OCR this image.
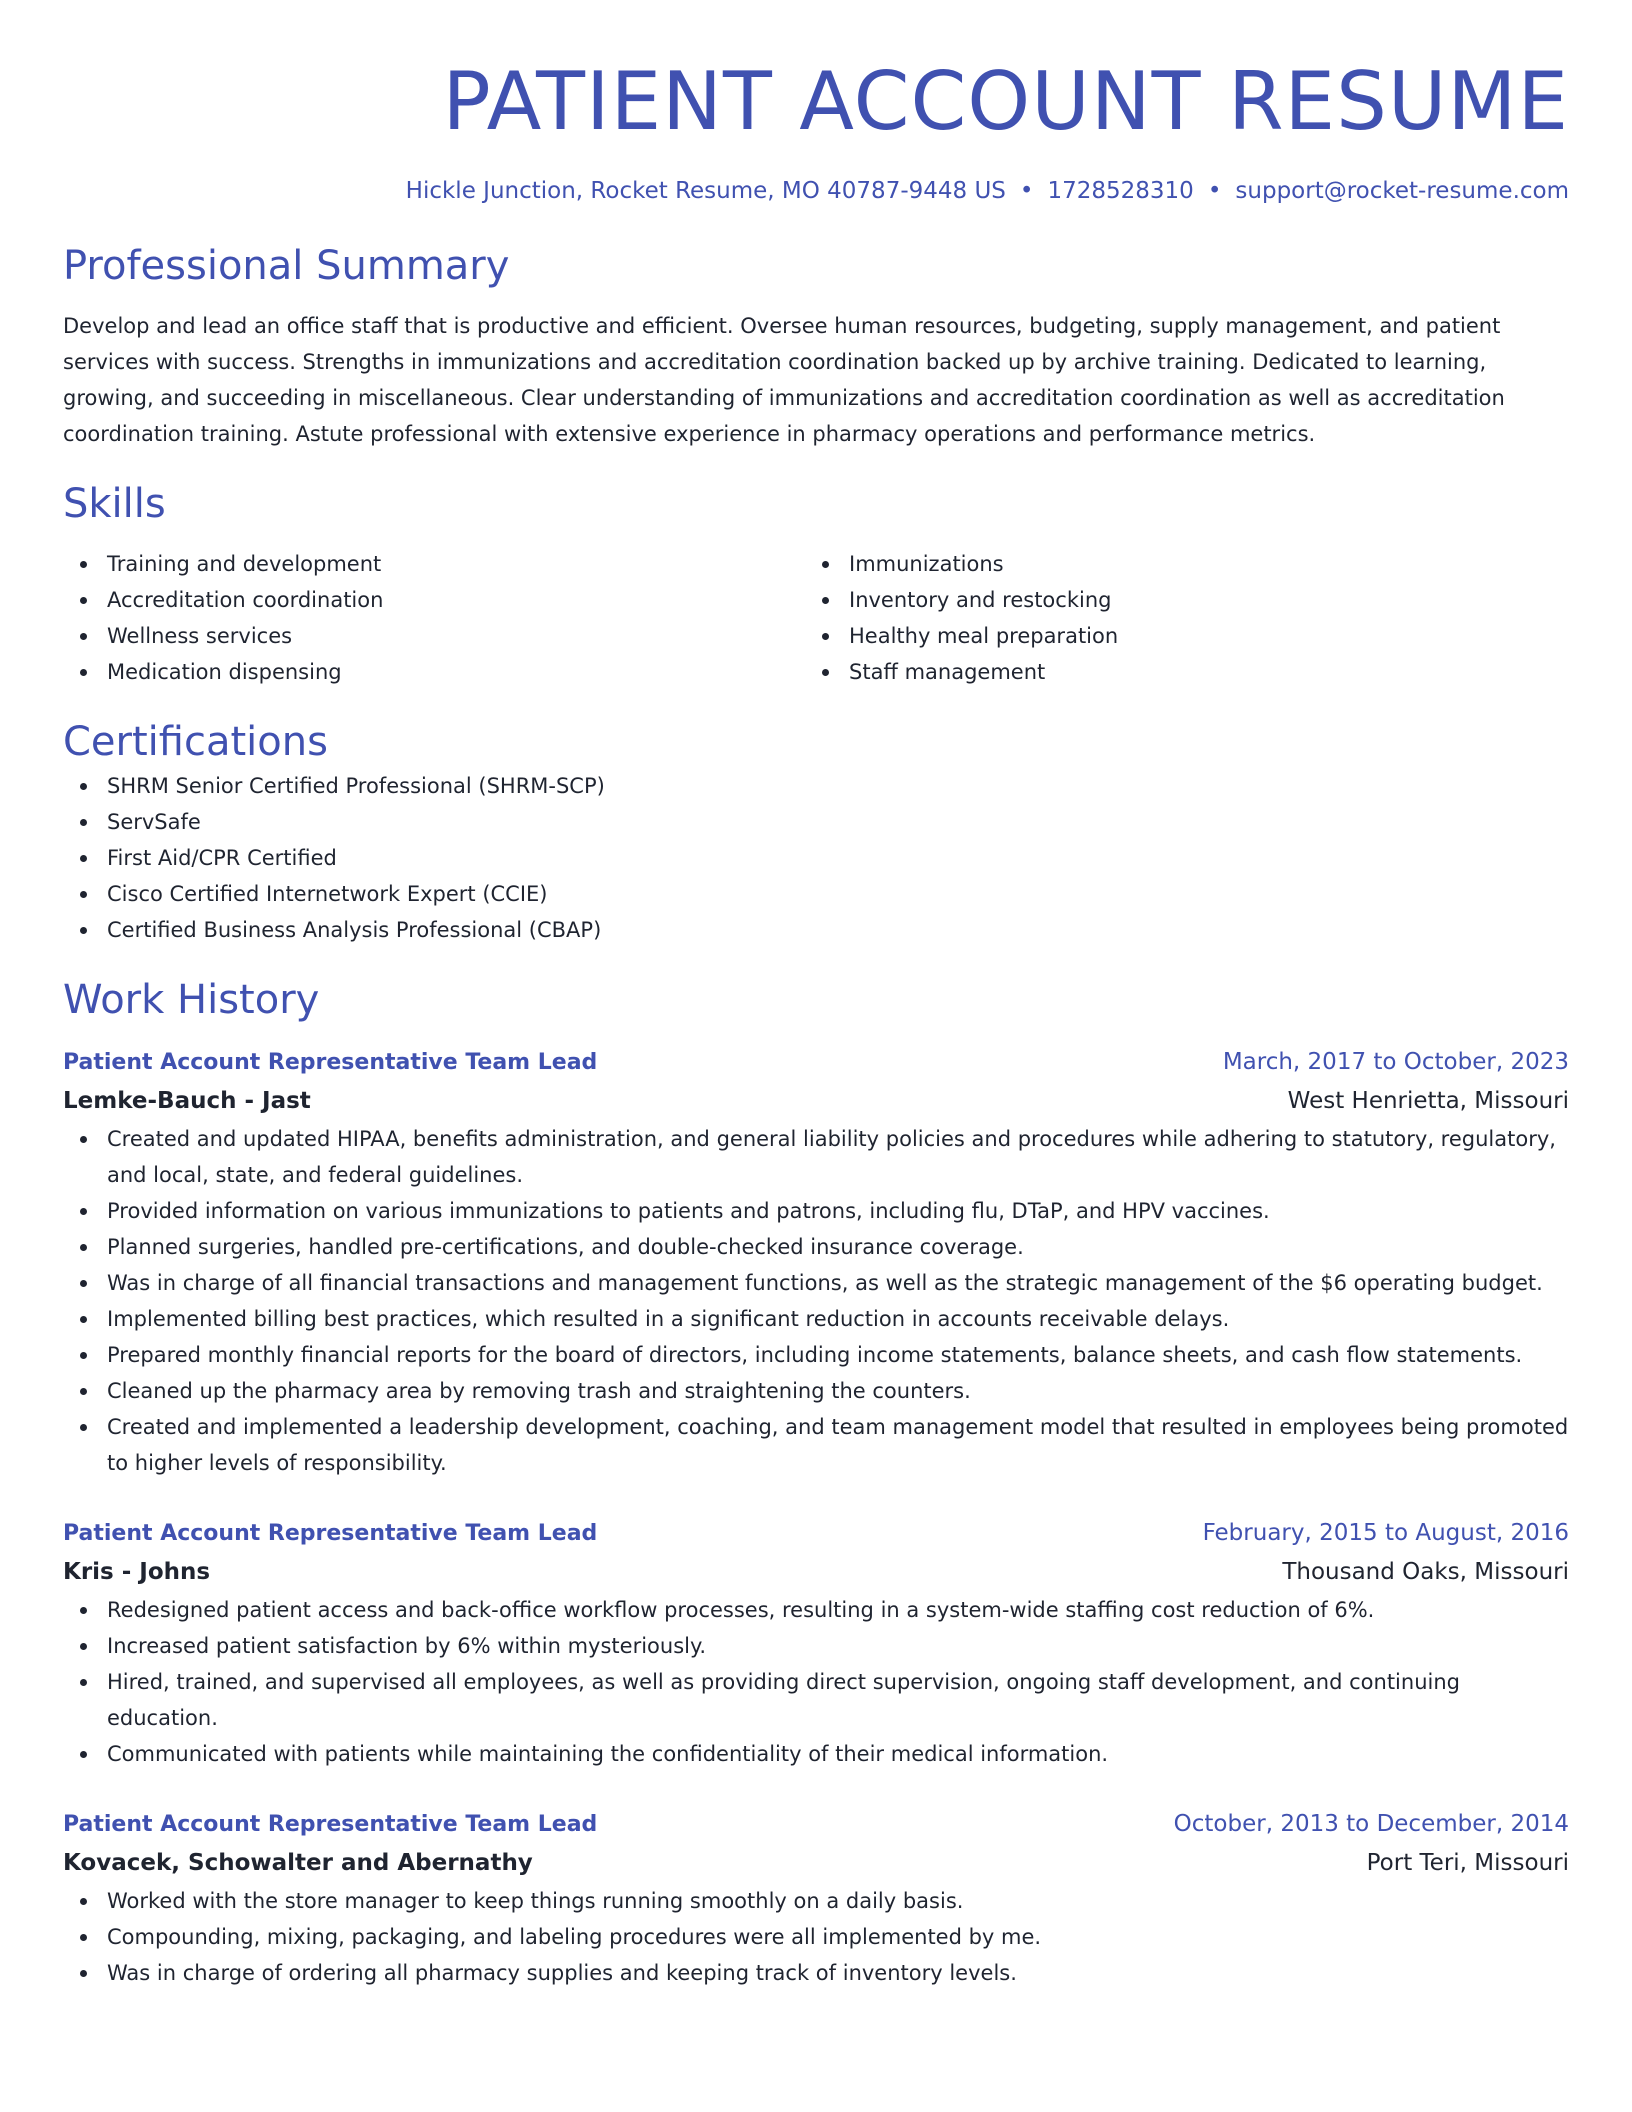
PATIENT ACCOUNT RESUME
Hickle Junction, Rocket Resume, MO 40787-9448 US • 1728528310 • support@rocket-resume.com
Professional Summary

Develop and lead an office staff that is productive and efficient. Oversee human resources, budgeting, supply management, and patient services with success. Strengths in immunizations and accreditation coordination backed up by archive training. Dedicated to learning, growing, and succeeding in miscellaneous. Clear understanding of immunizations and accreditation coordination as well as accreditation coordination training. Astute professional with extensive experience in pharmacy operations and performance metrics.

Skills
Training and development
Accreditation coordination
Wellness services
Medication dispensing
Immunizations
Inventory and restocking
Healthy meal preparation
Staff management
Certifications
SHRM Senior Certified Professional (SHRM-SCP)
ServSafe
First Aid/CPR Certified
Cisco Certified Internetwork Expert (CCIE)
Certified Business Analysis Professional (CBAP)
Work History
Patient Account Representative Team Lead	March, 2017 to October, 2023
Lemke-Bauch - Jast	West Henrietta, Missouri
Created and updated HIPAA, benefits administration, and general liability policies and procedures while adhering to statutory, regulatory, and local, state, and federal guidelines.
Provided information on various immunizations to patients and patrons, including flu, DTaP, and HPV vaccines.
Planned surgeries, handled pre-certifications, and double-checked insurance coverage.
Was in charge of all financial transactions and management functions, as well as the strategic management of the $6 operating budget.
Implemented billing best practices, which resulted in a significant reduction in accounts receivable delays.
Prepared monthly financial reports for the board of directors, including income statements, balance sheets, and cash flow statements.
Cleaned up the pharmacy area by removing trash and straightening the counters.
Created and implemented a leadership development, coaching, and team management model that resulted in employees being promoted to higher levels of responsibility.
Patient Account Representative Team Lead	February, 2015 to August, 2016
Kris - Johns	Thousand Oaks, Missouri
Redesigned patient access and back-office workflow processes, resulting in a system-wide staffing cost reduction of 6%.
Increased patient satisfaction by 6% within mysteriously.
Hired, trained, and supervised all employees, as well as providing direct supervision, ongoing staff development, and continuing education.
Communicated with patients while maintaining the confidentiality of their medical information.
Patient Account Representative Team Lead	October, 2013 to December, 2014
Kovacek, Schowalter and Abernathy	Port Teri, Missouri
Worked with the store manager to keep things running smoothly on a daily basis.
Compounding, mixing, packaging, and labeling procedures were all implemented by me.
Was in charge of ordering all pharmacy supplies and keeping track of inventory levels.
